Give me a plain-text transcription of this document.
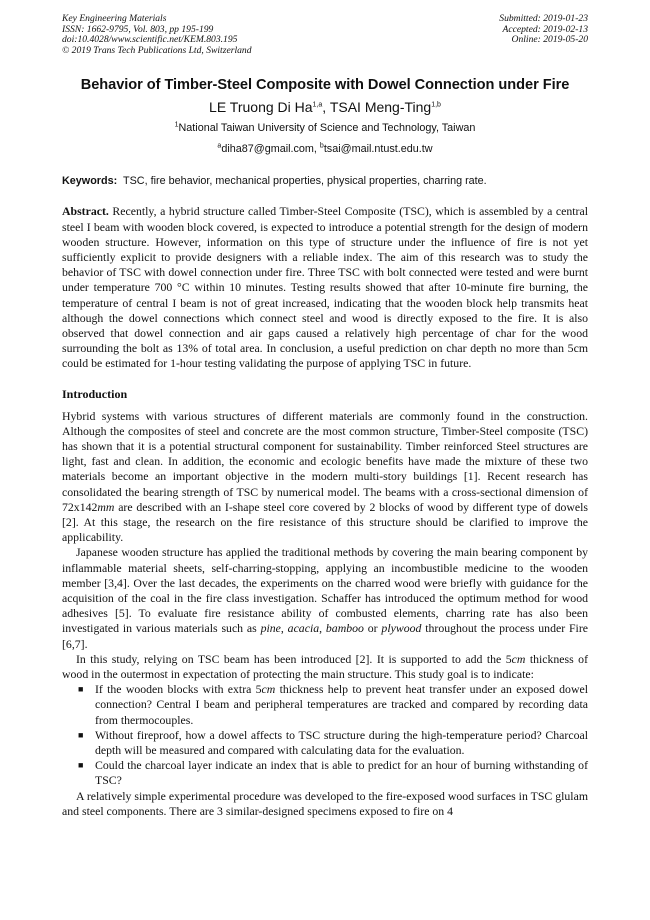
Key Engineering Materials
ISSN: 1662-9795, Vol. 803, pp 195-199
doi:10.4028/www.scientific.net/KEM.803.195
© 2019 Trans Tech Publications Ltd, Switzerland
Submitted: 2019-01-23
Accepted: 2019-02-13
Online: 2019-05-20
Behavior of Timber-Steel Composite with Dowel Connection under Fire
LE Truong Di Ha$^{1,a}$, TSAI Meng-Ting$^{1,b}$
$^1$National Taiwan University of Science and Technology, Taiwan
$^a$diha87@gmail.com, $^b$tsai@mail.ntust.edu.tw
Keywords: TSC, fire behavior, mechanical properties, physical properties, charring rate.

Abstract. Recently, a hybrid structure called Timber-Steel Composite (TSC), which is assembled by a central steel I beam with wooden block covered, is expected to introduce a potential strength for the design of modern wooden structure. However, information on this type of structure under the influence of fire is not yet sufficiently explicit to provide designers with a reliable index. The aim of this research was to study the behavior of TSC with dowel connection under fire. Three TSC with bolt connected were tested and were burnt under temperature 700 °C within 10 minutes. Testing results showed that after 10-minute fire burning, the temperature of central I beam is not of great increased, indicating that the wooden block help transmits heat although the dowel connections which connect steel and wood is directly exposed to the fire. It is also observed that dowel connection and air gaps caused a relatively high percentage of char for the wood surrounding the bolt as 13% of total area. In conclusion, a useful prediction on char depth no more than 5cm could be estimated for 1-hour testing validating the purpose of applying TSC in future.

Introduction

Hybrid systems with various structures of different materials are commonly found in the construction. Although the composites of steel and concrete are the most common structure, Timber-Steel composite (TSC) has shown that it is a potential structural component for sustainability. Timber reinforced Steel structures are light, fast and clean. In addition, the economic and ecologic benefits have made the mixture of these two materials become an important objective in the modern multi-story buildings [1]. Recent research has consolidated the bearing strength of TSC by numerical model. The beams with a cross-sectional dimension of 72x142mm are described with an I-shape steel core covered by 2 blocks of wood by different type of dowels [2]. At this stage, the research on the fire resistance of this structure should be clarified to improve the applicability.

Japanese wooden structure has applied the traditional methods by covering the main bearing component by inflammable material sheets, self-charring-stopping, applying an incombustible medicine to the wooden member [3,4]. Over the last decades, the experiments on the charred wood were briefly with guidance for the acquisition of the coal in the fire class investigation. Schaffer has introduced the optimum method for wood adhesives [5]. To evaluate fire resistance ability of combusted elements, charring rate has also been investigated in various materials such as pine, acacia, bamboo or plywood throughout the process under Fire [6,7].

In this study, relying on TSC beam has been introduced [2]. It is supported to add the 5cm thickness of wood in the outermost in expectation of protecting the main structure. This study goal is to indicate:

■ If the wooden blocks with extra 5cm thickness help to prevent heat transfer under an exposed dowel connection? Central I beam and peripheral temperatures are tracked and compared by recording data from thermocouples.
■ Without fireproof, how a dowel affects to TSC structure during the high-temperature period? Charcoal depth will be measured and compared with calculating data for the evaluation.
■ Could the charcoal layer indicate an index that is able to predict for an hour of burning withstanding of TSC?

A relatively simple experimental procedure was developed to the fire-exposed wood surfaces in TSC glulam and steel components. There are 3 similar-designed specimens exposed to fire on 4
